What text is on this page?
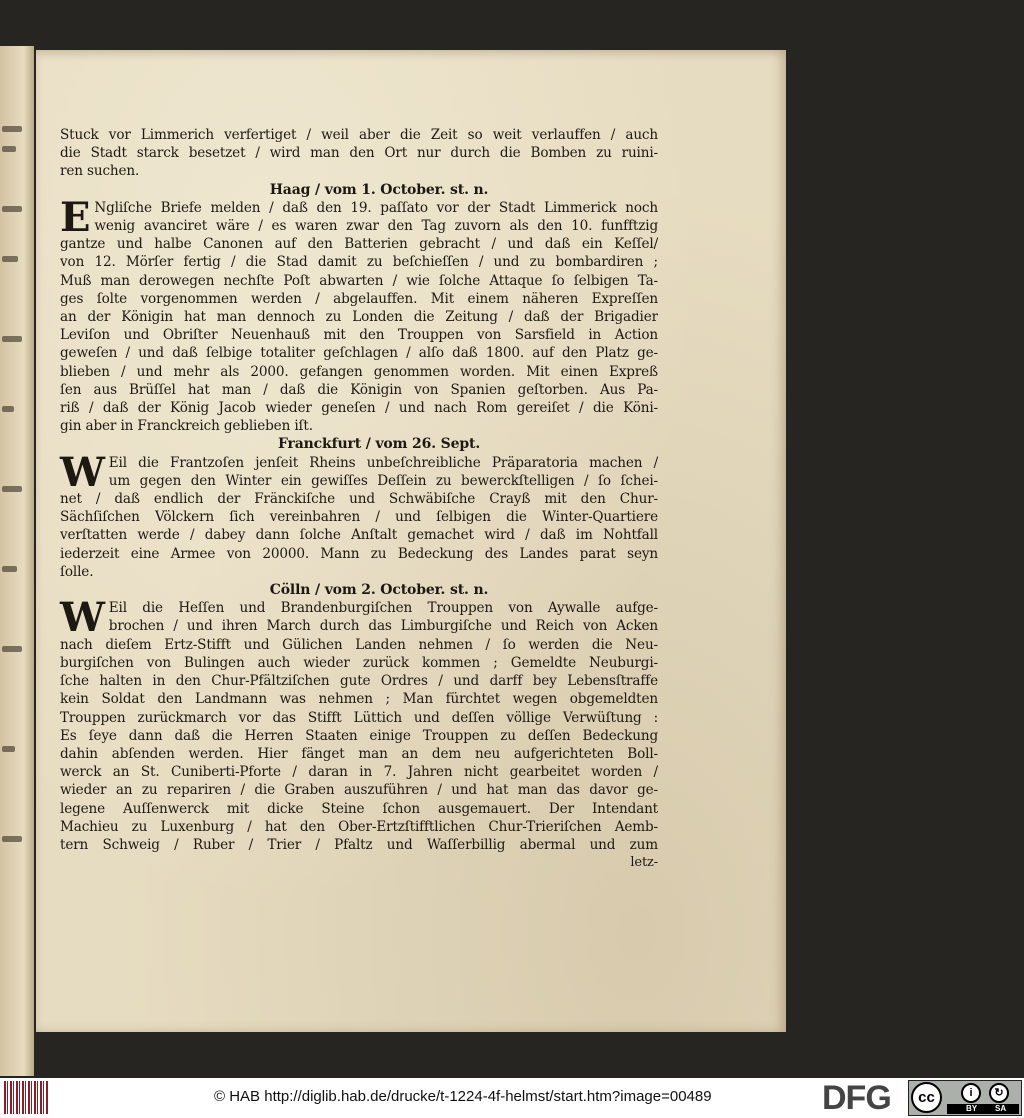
Stuck vor Limmerich verfertiget / weil aber die Zeit so weit verlauffen / auch
die Stadt starck besetzet / wird man den Ort nur durch die Bomben zu ruini-
ren suchen.
Haag / vom 1. October. st. n.
E Ngliſche Briefe melden / daß den 19. paſſato vor der Stadt Limmerick noch
wenig avanciret wäre / es waren zwar den Tag zuvorn als den 10. funfftzig
gantze und halbe Canonen auf den Batterien gebracht / und daß ein Keſſel/
von 12. Mörſer fertig / die Stad damit zu beſchieſſen / und zu bombardiren ;
Muß man derowegen nechſte Poſt abwarten / wie ſolche Attaque ſo ſelbigen Ta-
ges ſolte vorgenommen werden / abgelauffen. Mit einem näheren Expreſſen
an der Königin hat man dennoch zu Londen die Zeitung / daß der Brigadier
Leviſon und Obriſter Neuenhauß mit den Trouppen von Sarsfield in Action
geweſen / und daß ſelbige totaliter geſchlagen / alſo daß 1800. auf den Platz ge-
blieben / und mehr als 2000. gefangen genommen worden. Mit einen Expreß
ſen aus Brüſſel hat man / daß die Königin von Spanien geſtorben. Aus Pa-
riß / daß der König Jacob wieder geneſen / und nach Rom gereiſet / die Köni-
gin aber in Franckreich geblieben iſt.
Franckfurt / vom 26. Sept.
W Eil die Frantzoſen jenſeit Rheins unbeſchreibliche Präparatoria machen /
um gegen den Winter ein gewiſſes Deſſein zu bewerckſtelligen / ſo ſchei-
net / daß endlich der Fränckiſche und Schwäbiſche Crayß mit den Chur-
Sächſiſchen Völckern ſich vereinbahren / und ſelbigen die Winter-Quartiere
verſtatten werde / dabey dann ſolche Anſtalt gemachet wird / daß im Nohtfall
iederzeit eine Armee von 20000. Mann zu Bedeckung des Landes parat seyn
ſolle.
Cölln / vom 2. October. st. n.
W Eil die Heſſen und Brandenburgiſchen Trouppen von Aywalle aufge-
brochen / und ihren March durch das Limburgiſche und Reich von Acken
nach dieſem Ertz-Stifft und Gülichen Landen nehmen / ſo werden die Neu-
burgiſchen von Bulingen auch wieder zurück kommen ; Gemeldte Neuburgi-
ſche halten in den Chur-Pfältziſchen gute Ordres / und darff bey Lebensſtraffe
kein Soldat den Landmann was nehmen ; Man fürchtet wegen obgemeldten
Trouppen zurückmarch vor das Stifft Lüttich und deſſen völlige Verwüſtung :
Es ſeye dann daß die Herren Staaten einige Trouppen zu deſſen Bedeckung
dahin abſenden werden. Hier fänget man an dem neu aufgerichteten Boll-
werck an St. Cuniberti-Pforte / daran in 7. Jahren nicht gearbeitet worden /
wieder an zu repariren / die Graben auszuführen / und hat man das davor ge-
legene Auſſenwerck mit dicke Steine ſchon ausgemauert. Der Intendant
Machieu zu Luxenburg / hat den Ober-Ertzſtifftlichen Chur-Trieriſchen Aemb-
tern Schweig / Ruber / Trier / Pfaltz und Waſſerbillig abermal und zum
letz-
© HAB http://diglib.hab.de/drucke/t-1224-4f-helmst/start.htm?image=00489	DFG	cc	i	↻
BY SA
